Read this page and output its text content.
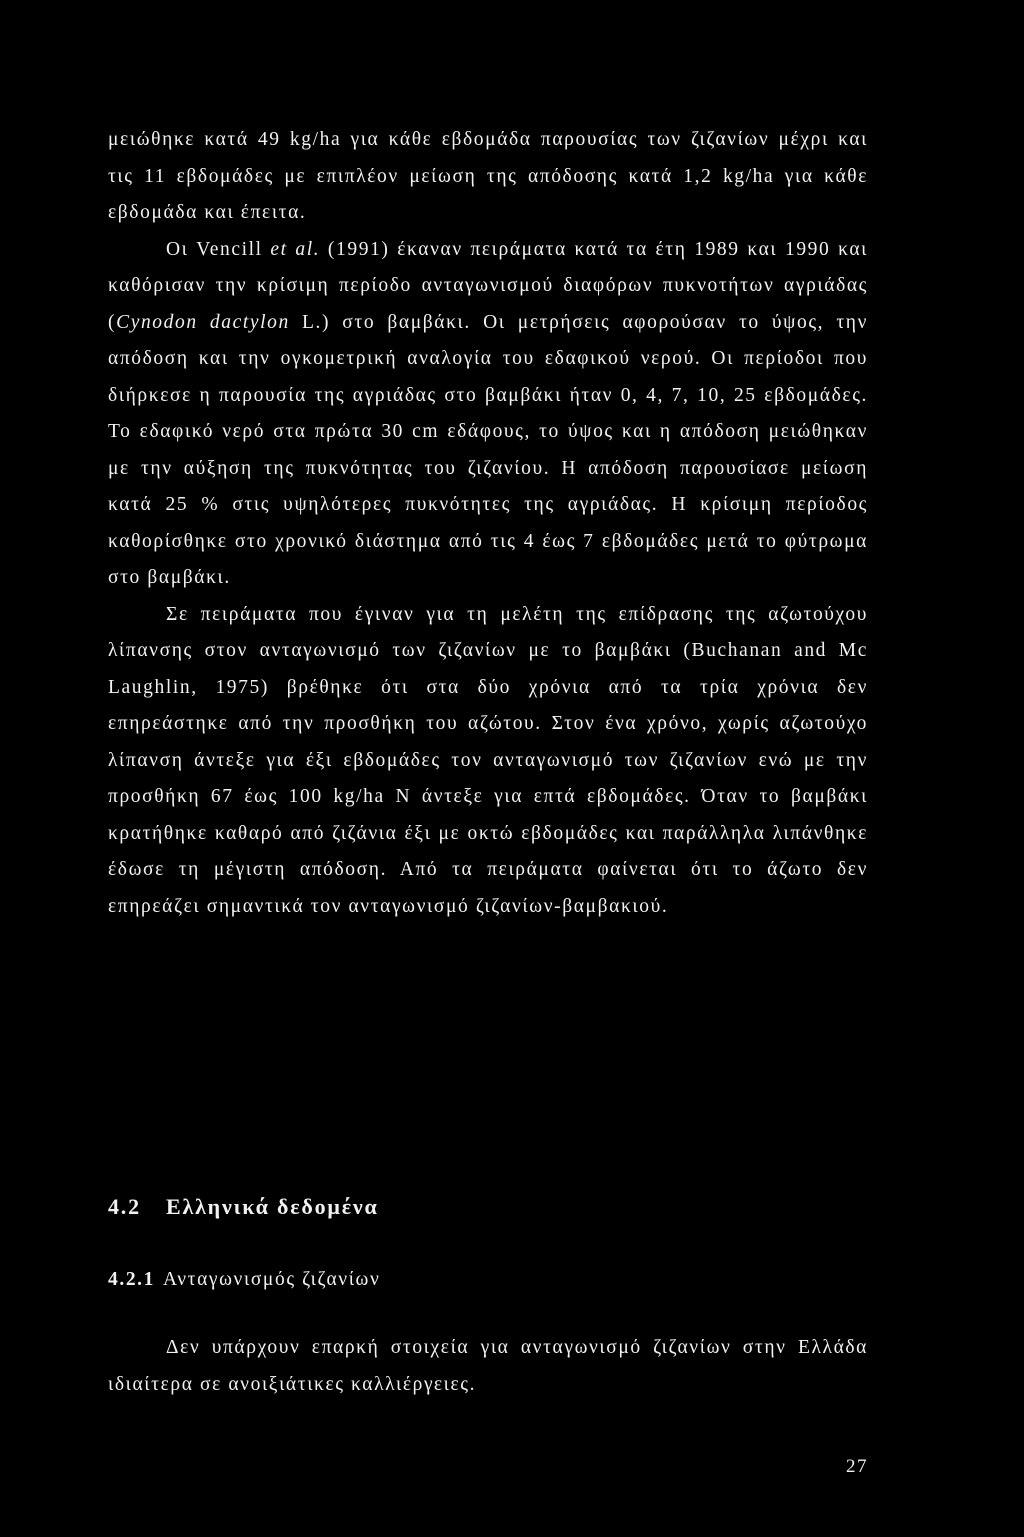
μειώθηκε κατά 49 kg/ha για κάθε εβδομάδα παρουσίας των ζιζανίων μέχρι και τις 11 εβδομάδες με επιπλέον μείωση της απόδοσης κατά 1,2 kg/ha για κάθε εβδομάδα και έπειτα.

Οι Vencill et al. (1991) έκαναν πειράματα κατά τα έτη 1989 και 1990 και καθόρισαν την κρίσιμη περίοδο ανταγωνισμού διαφόρων πυκνοτήτων αγριάδας (Cynodon dactylon L.) στο βαμβάκι. Οι μετρήσεις αφορούσαν το ύψος, την απόδοση και την ογκομετρική αναλογία του εδαφικού νερού. Οι περίοδοι που διήρκεσε η παρουσία της αγριάδας στο βαμβάκι ήταν 0, 4, 7, 10, 25 εβδομάδες. Το εδαφικό νερό στα πρώτα 30 cm εδάφους, το ύψος και η απόδοση μειώθηκαν με την αύξηση της πυκνότητας του ζιζανίου. Η απόδοση παρουσίασε μείωση κατά 25 % στις υψηλότερες πυκνότητες της αγριάδας. Η κρίσιμη περίοδος καθορίσθηκε στο χρονικό διάστημα από τις 4 έως 7 εβδομάδες μετά το φύτρωμα στο βαμβάκι.

Σε πειράματα που έγιναν για τη μελέτη της επίδρασης της αζωτούχου λίπανσης στον ανταγωνισμό των ζιζανίων με το βαμβάκι (Buchanan and Mc Laughlin, 1975) βρέθηκε ότι στα δύο χρόνια από τα τρία χρόνια δεν επηρεάστηκε από την προσθήκη του αζώτου. Στον ένα χρόνο, χωρίς αζωτούχο λίπανση άντεξε για έξι εβδομάδες τον ανταγωνισμό των ζιζανίων ενώ με την προσθήκη 67 έως 100 kg/ha N άντεξε για επτά εβδομάδες. Όταν το βαμβάκι κρατήθηκε καθαρό από ζιζάνια έξι με οκτώ εβδομάδες και παράλληλα λιπάνθηκε έδωσε τη μέγιστη απόδοση. Από τα πειράματα φαίνεται ότι το άζωτο δεν επηρεάζει σημαντικά τον ανταγωνισμό ζιζανίων-βαμβακιού.

4.2 Ελληνικά δεδομένα
4.2.1 Ανταγωνισμός ζιζανίων

Δεν υπάρχουν επαρκή στοιχεία για ανταγωνισμό ζιζανίων στην Ελλάδα ιδιαίτερα σε ανοιξιάτικες καλλιέργειες.

27
